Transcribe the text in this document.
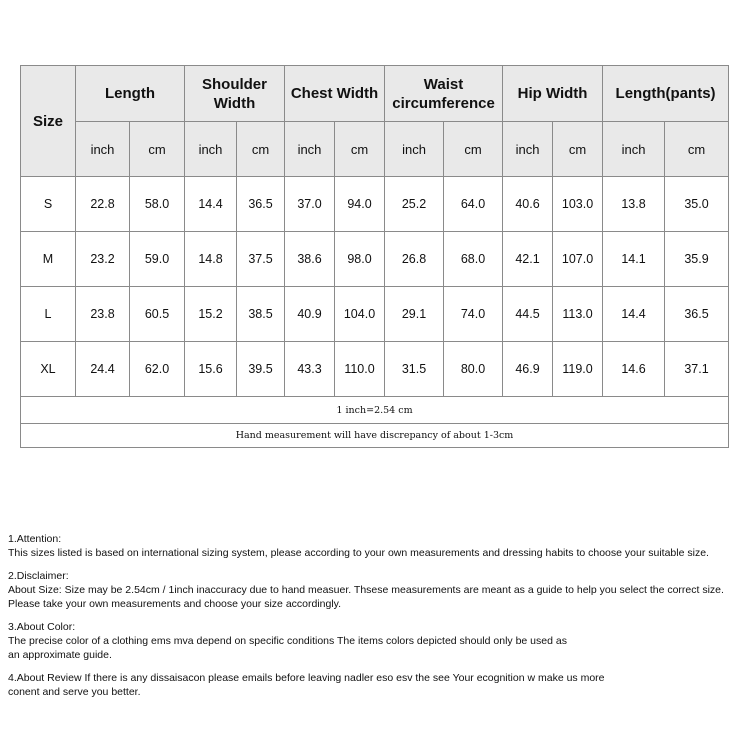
Size	Length		Shoulder Width		Chest Width		Waist circumference		Hip Width		Length(pants)	
	inch	cm	inch	cm	inch	cm	inch	cm	inch	cm	inch	cm
S	22.8	58.0	14.4	36.5	37.0	94.0	25.2	64.0	40.6	103.0	13.8	35.0
M	23.2	59.0	14.8	37.5	38.6	98.0	26.8	68.0	42.1	107.0	14.1	35.9
L	23.8	60.5	15.2	38.5	40.9	104.0	29.1	74.0	44.5	113.0	14.4	36.5
XL	24.4	62.0	15.6	39.5	43.3	110.0	31.5	80.0	46.9	119.0	14.6	37.1
1 inch=2.54 cm												
Hand measurement will have discrepancy of about 1-3cm												

1.Attention:

This sizes listed is based on international sizing system, please according to your own measurements and dressing habits to choose your suitable size.

2.Disclaimer:

About Size: Size may be 2.54cm / 1inch inaccuracy due to hand measuer. Thsese measurements are meant as a guide to help you select the correct size.

Please take your own measurements and choose your size accordingly.

3.About Color:

The precise color of a clothing ems mva depend on specific conditions The items colors depicted should only be used as

an approximate guide.

4.About Review If there is any dissaisacon please emails before leaving nadler eso esv the see Your ecognition w make us more

conent and serve you better.
